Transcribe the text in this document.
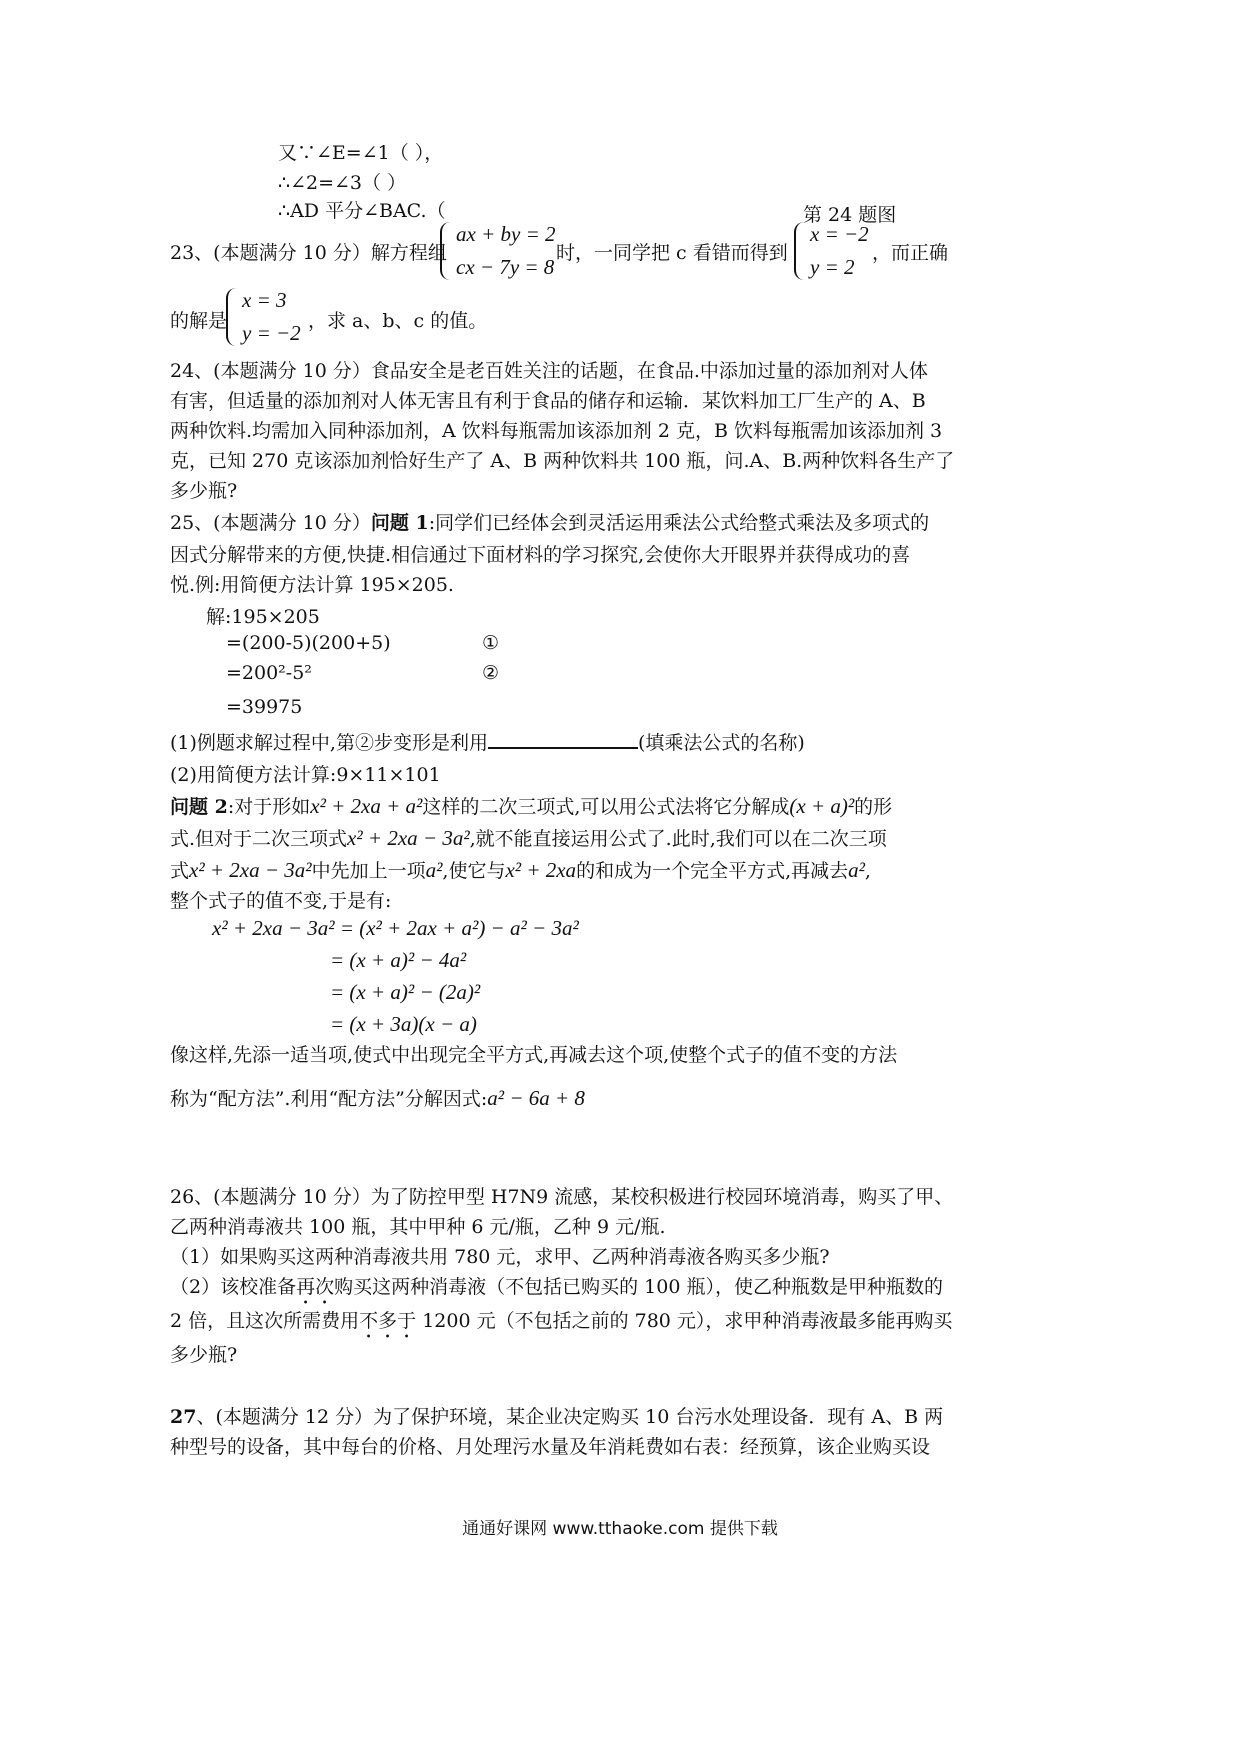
又∵∠E=∠1（ ），
∴∠2=∠3（ ）
∴AD 平分∠BAC.（	第 24 题图
23、(本题满分 10 分）解方程组
ax + by = 2
cx − 7y = 8
时，一同学把 c 看错而得到
x = −2
y = 2
，而正确
的解是
x = 3
y = −2 ，求 a、b、c 的值。
24、(本题满分 10 分）食品安全是老百姓关注的话题，在食品.中添加过量的添加剂对人体
有害，但适量的添加剂对人体无害且有利于食品的储存和运输．某饮料加工厂生产的 A、B
两种饮料.均需加入同种添加剂，A 饮料每瓶需加该添加剂 2 克，B 饮料每瓶需加该添加剂 3
克，已知 270 克该添加剂恰好生产了 A、B 两种饮料共 100 瓶，问.A、B.两种饮料各生产了
多少瓶?
25、(本题满分 10 分）问题 1:同学们已经体会到灵活运用乘法公式给整式乘法及多项式的
因式分解带来的方便,快捷.相信通过下面材料的学习探究,会使你大开眼界并获得成功的喜
悦.例:用简便方法计算 195×205.
解:195×205
=(200-5)(200+5)	①
=200²-5²	②
=39975
(1)例题求解过程中,第②步变形是利用	(填乘法公式的名称)
(2)用简便方法计算:9×11×101
问题 2:对于形如x² + 2xa + a²这样的二次三项式,可以用公式法将它分解成(x + a)²的形
式.但对于二次三项式x² + 2xa − 3a²,就不能直接运用公式了.此时,我们可以在二次三项
式x² + 2xa − 3a²中先加上一项a²,使它与x² + 2xa的和成为一个完全平方式,再减去a²,
整个式子的值不变,于是有:
x² + 2xa − 3a² = (x² + 2ax + a²) − a² − 3a²
= (x + a)² − 4a²
= (x + a)² − (2a)²
= (x + 3a)(x − a)
像这样,先添一适当项,使式中出现完全平方式,再减去这个项,使整个式子的值不变的方法
称为“配方法”.利用“配方法”分解因式:a² − 6a + 8
26、(本题满分 10 分）为了防控甲型 H7N9 流感，某校积极进行校园环境消毒，购买了甲、
乙两种消毒液共 100 瓶，其中甲种 6 元/瓶，乙种 9 元/瓶.
（1）如果购买这两种消毒液共用 780 元，求甲、乙两种消毒液各购买多少瓶?
（2）该校准备再次购买这两种消毒液（不包括已购买的 100 瓶），使乙种瓶数是甲种瓶数的
2 倍，且这次所需费用不多于 1200 元（不包括之前的 780 元），求甲种消毒液最多能再购买
多少瓶?
27、(本题满分 12 分）为了保护环境，某企业决定购买 10 台污水处理设备．现有 A、B 两
种型号的设备，其中每台的价格、月处理污水量及年消耗费如右表：经预算，该企业购买设
通通好课网 www.tthaoke.com 提供下载
